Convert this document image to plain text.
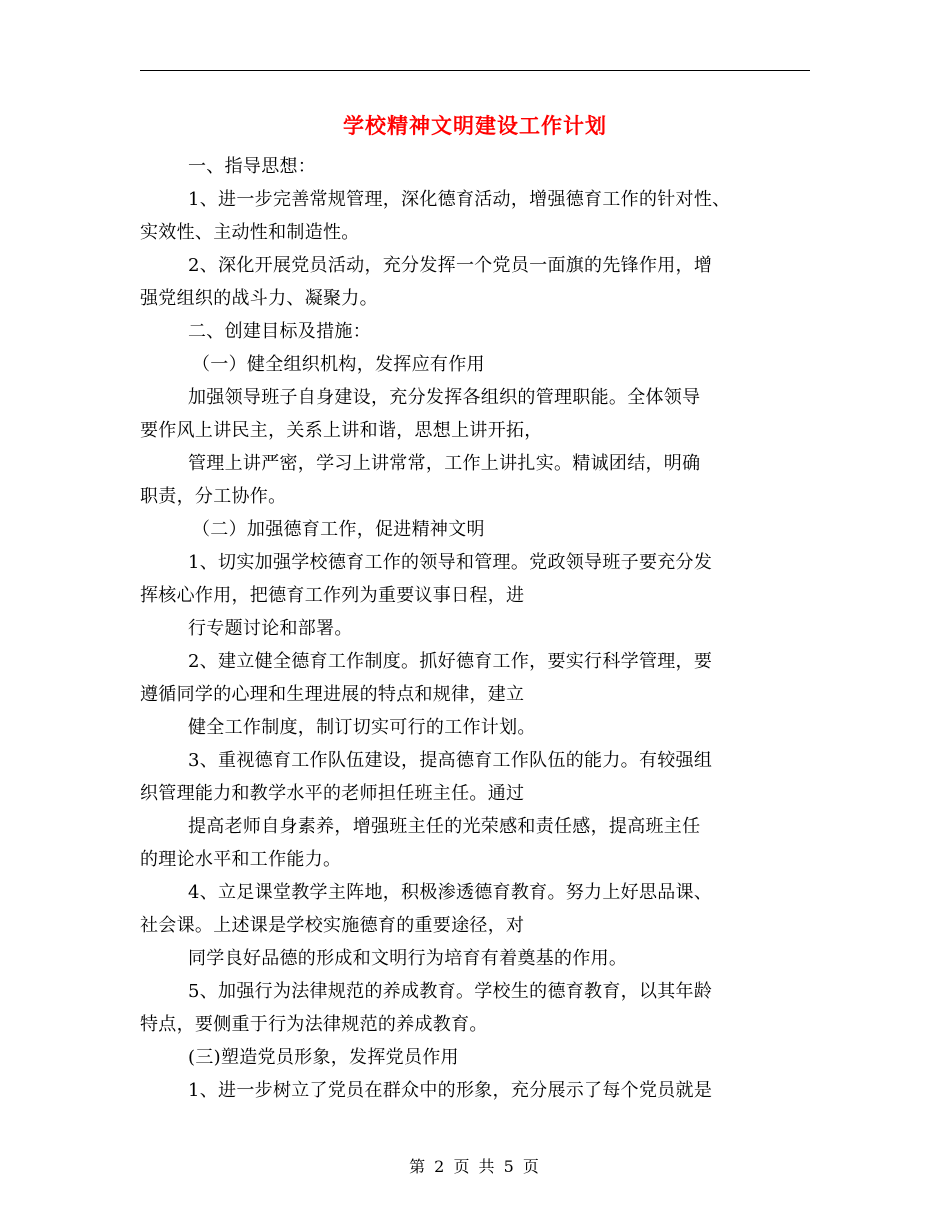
学校精神文明建设工作计划
一、指导思想：
1、进一步完善常规管理，深化德育活动，增强德育工作的针对性、
实效性、主动性和制造性。
2、深化开展党员活动，充分发挥一个党员一面旗的先锋作用，增
强党组织的战斗力、凝聚力。
二、创建目标及措施：
（一）健全组织机构，发挥应有作用
加强领导班子自身建设，充分发挥各组织的管理职能。全体领导
要作风上讲民主，关系上讲和谐，思想上讲开拓，
管理上讲严密，学习上讲常常，工作上讲扎实。精诚团结，明确
职责，分工协作。
（二）加强德育工作，促进精神文明
1、切实加强学校德育工作的领导和管理。党政领导班子要充分发
挥核心作用，把德育工作列为重要议事日程，进
行专题讨论和部署。
2、建立健全德育工作制度。抓好德育工作，要实行科学管理，要
遵循同学的心理和生理进展的特点和规律，建立
健全工作制度，制订切实可行的工作计划。
3、重视德育工作队伍建设，提高德育工作队伍的能力。有较强组
织管理能力和教学水平的老师担任班主任。通过
提高老师自身素养，增强班主任的光荣感和责任感，提高班主任
的理论水平和工作能力。
4、立足课堂教学主阵地，积极渗透德育教育。努力上好思品课、
社会课。上述课是学校实施德育的重要途径，对
同学良好品德的形成和文明行为培育有着奠基的作用。
5、加强行为法律规范的养成教育。学校生的德育教育，以其年龄
特点，要侧重于行为法律规范的养成教育。
(三)塑造党员形象，发挥党员作用
1、进一步树立了党员在群众中的形象，充分展示了每个党员就是
第 2 页 共 5 页
